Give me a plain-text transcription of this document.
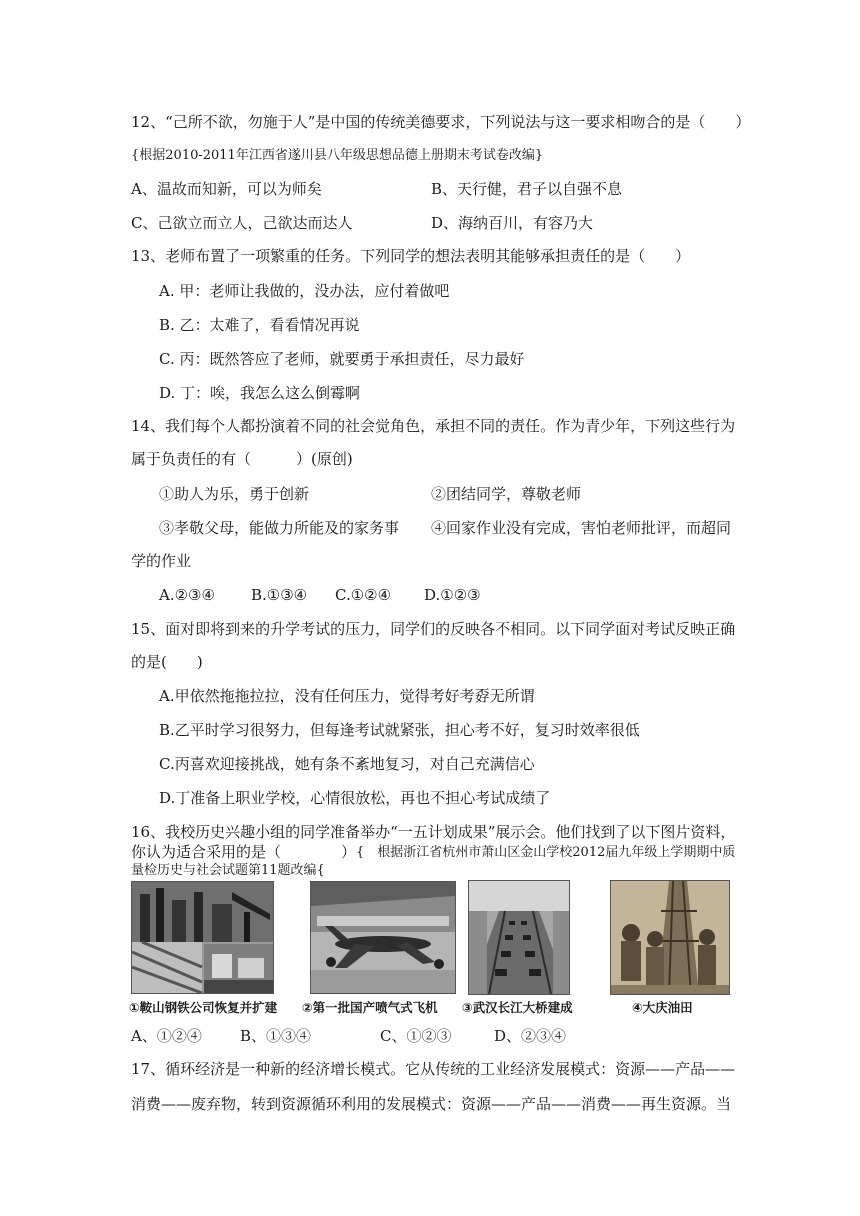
12、“己所不欲，勿施于人”是中国的传统美德要求，下列说法与这一要求相吻合的是（　　）
{根据2010-2011年江西省遂川县八年级思想品德上册期末考试卷改编}
A、温故而知新，可以为师矣	B、天行健，君子以自强不息
C、己欲立而立人，己欲达而达人	D、海纳百川，有容乃大
13、老师布置了一项繁重的任务。下列同学的想法表明其能够承担责任的是（　　）
A. 甲：老师让我做的，没办法，应付着做吧
B. 乙：太难了，看看情况再说
C. 丙：既然答应了老师，就要勇于承担责任，尽力最好
D. 丁：唉，我怎么这么倒霉啊
14、我们每个人都扮演着不同的社会觉角色，承担不同的责任。作为青少年，下列这些行为
属于负责任的有（　　　）(原创)
①助人为乐，勇于创新	②团结同学，尊敬老师
③孝敬父母，能做力所能及的家务事 ④回家作业没有完成，害怕老师批评，而超同
学的作业
A.②③④ B.①③④ C.①②④ D.①②③
15、面对即将到来的升学考试的压力，同学们的反映各不相同。以下同学面对考试反映正确
的是(　　)
A.甲依然拖拖拉拉，没有任何压力，觉得考好考孬无所谓
B.乙平时学习很努力，但每逢考试就紧张，担心考不好，复习时效率很低
C.丙喜欢迎接挑战，她有条不紊地复习，对自己充满信心
D.丁准备上职业学校，心情很放松，再也不担心考试成绩了
16、我校历史兴趣小组的同学准备举办“一五计划成果”展示会。他们找到了以下图片资料，
你认为适合采用的是（　　　　） {　根据浙江省杭州市萧山区金山学校2012届九年级上学期期中质
量检历史与社会试题第11题改编{
①鞍山钢铁公司恢复并扩建 ②第一批国产喷气式飞机 ③武汉长江大桥建成	④大庆油田
A、①②④	B、①③④	C、①②③	D、②③④
17、循环经济是一种新的经济增长模式。它从传统的工业经济发展模式：资源——产品——
消费——废弃物，转到资源循环利用的发展模式：资源——产品——消费——再生资源。当
